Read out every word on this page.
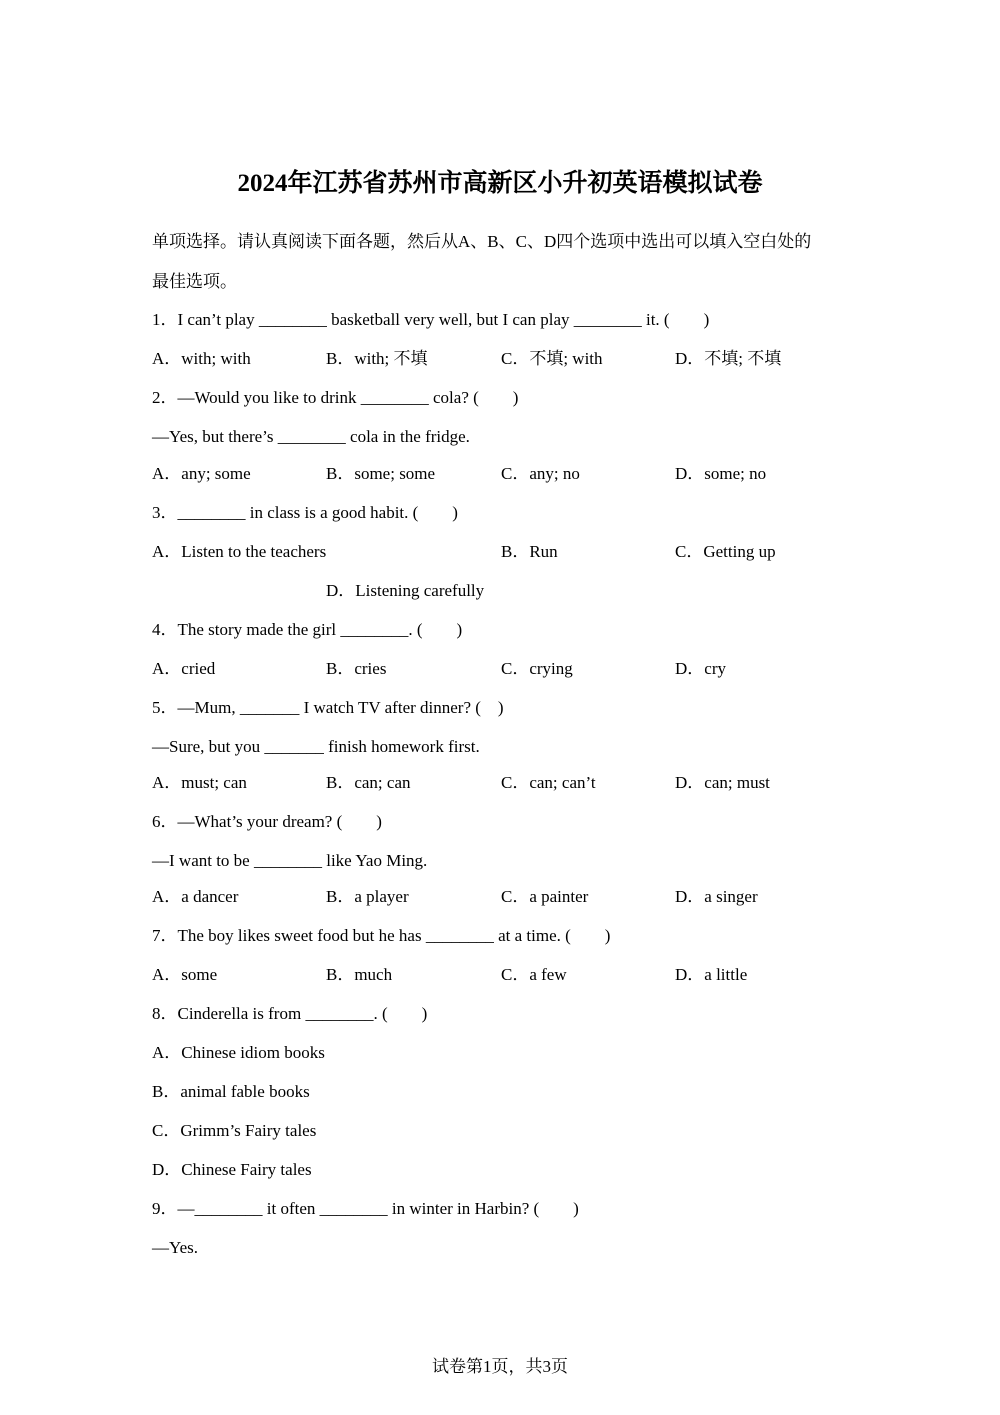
2024年江苏省苏州市高新区小升初英语模拟试卷
单项选择。请认真阅读下面各题，然后从A、B、C、D四个选项中选出可以填入空白处的
最佳选项。
1．I can’t play ________ basketball very well, but I can play ________ it. (　　)
A．with; with	B．with; 不填	C．不填; with	D．不填; 不填
2．—Would you like to drink ________ cola? (　　)
—Yes, but there’s ________ cola in the fridge.
A．any; some	B．some; some	C．any; no	D．some; no
3．________ in class is a good habit. (　　)
A．Listen to the teachers	B．Run	C．Getting up
D．Listening carefully
4．The story made the girl ________. (　　)
A．cried	B．cries	C．crying	D．cry
5．—Mum, _______ I watch TV after dinner? (　)
—Sure, but you _______ finish homework first.
A．must; can	B．can; can	C．can; can’t	D．can; must
6．—What’s your dream? (　　)
—I want to be ________ like Yao Ming.
A．a dancer	B．a player	C．a painter	D．a singer
7．The boy likes sweet food but he has ________ at a time. (　　)
A．some	B．much	C．a few	D．a little
8．Cinderella is from ________. (　　)
A．Chinese idiom books
B．animal fable books
C．Grimm’s Fairy tales
D．Chinese Fairy tales
9．—________ it often ________ in winter in Harbin? (　　)
—Yes.
试卷第1页，共3页
